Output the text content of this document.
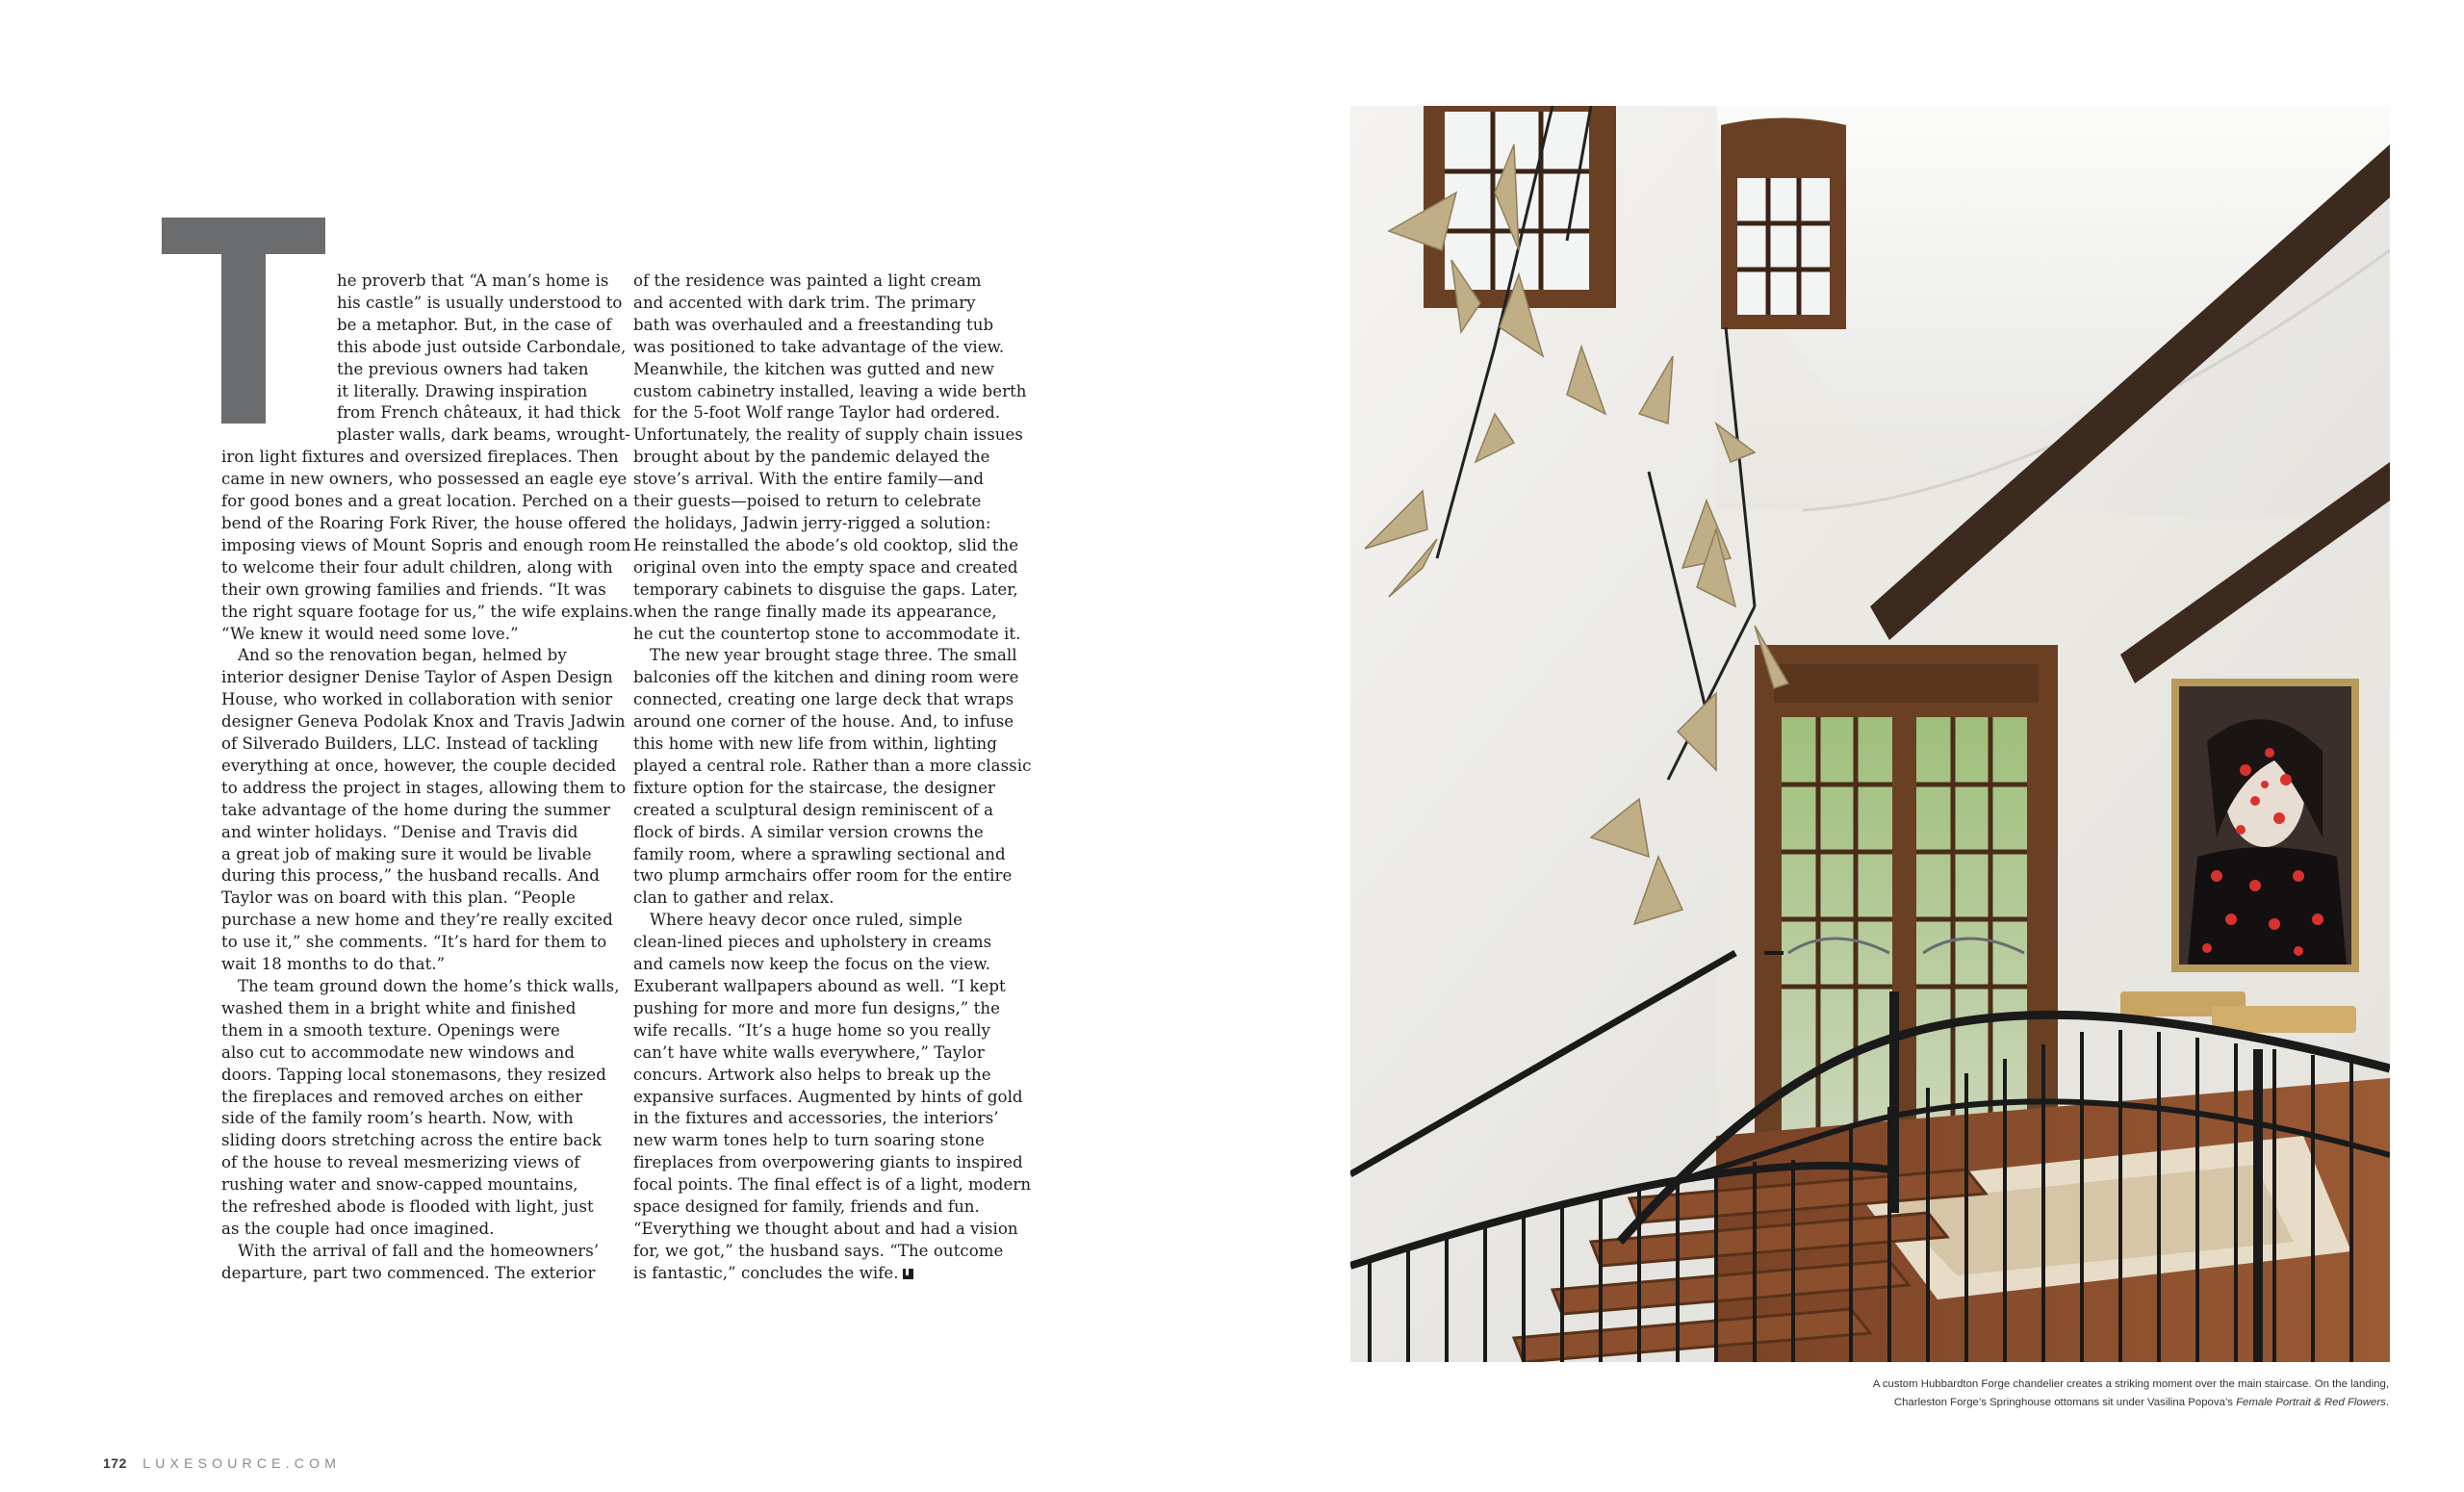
he proverb that “A man’s home is

his castle” is usually understood to

be a metaphor. But, in the case of

this abode just outside Carbondale,

the previous owners had taken

it literally. Drawing inspiration

from French châteaux, it had thick

plaster walls, dark beams, wrought-

iron light fixtures and oversized fireplaces. Then

came in new owners, who possessed an eagle eye

for good bones and a great location. Perched on a

bend of the Roaring Fork River, the house offered

imposing views of Mount Sopris and enough room

to welcome their four adult children, along with

their own growing families and friends. “It was

the right square footage for us,” the wife explains.

“We knew it would need some love.”

And so the renovation began, helmed by

interior designer Denise Taylor of Aspen Design

House, who worked in collaboration with senior

designer Geneva Podolak Knox and Travis Jadwin

of Silverado Builders, LLC. Instead of tackling

everything at once, however, the couple decided

to address the project in stages, allowing them to

take advantage of the home during the summer

and winter holidays. “Denise and Travis did

a great job of making sure it would be livable

during this process,” the husband recalls. And

Taylor was on board with this plan. “People

purchase a new home and they’re really excited

to use it,” she comments. “It’s hard for them to

wait 18 months to do that.”

The team ground down the home’s thick walls,

washed them in a bright white and finished

them in a smooth texture. Openings were

also cut to accommodate new windows and

doors. Tapping local stonemasons, they resized

the fireplaces and removed arches on either

side of the family room’s hearth. Now, with

sliding doors stretching across the entire back

of the house to reveal mesmerizing views of

rushing water and snow-capped mountains,

the refreshed abode is flooded with light, just

as the couple had once imagined.

With the arrival of fall and the homeowners’

departure, part two commenced. The exterior

of the residence was painted a light cream

and accented with dark trim. The primary

bath was overhauled and a freestanding tub

was positioned to take advantage of the view.

Meanwhile, the kitchen was gutted and new

custom cabinetry installed, leaving a wide berth

for the 5-foot Wolf range Taylor had ordered.

Unfortunately, the reality of supply chain issues

brought about by the pandemic delayed the

stove’s arrival. With the entire family—and

their guests—poised to return to celebrate

the holidays, Jadwin jerry-rigged a solution:

He reinstalled the abode’s old cooktop, slid the

original oven into the empty space and created

temporary cabinets to disguise the gaps. Later,

when the range finally made its appearance,

he cut the countertop stone to accommodate it.

The new year brought stage three. The small

balconies off the kitchen and dining room were

connected, creating one large deck that wraps

around one corner of the house. And, to infuse

this home with new life from within, lighting

played a central role. Rather than a more classic

fixture option for the staircase, the designer

created a sculptural design reminiscent of a

flock of birds. A similar version crowns the

family room, where a sprawling sectional and

two plump armchairs offer room for the entire

clan to gather and relax.

Where heavy decor once ruled, simple

clean-lined pieces and upholstery in creams

and camels now keep the focus on the view.

Exuberant wallpapers abound as well. “I kept

pushing for more and more fun designs,” the

wife recalls. “It’s a huge home so you really

can’t have white walls everywhere,” Taylor

concurs. Artwork also helps to break up the

expansive surfaces. Augmented by hints of gold

in the fixtures and accessories, the interiors’

new warm tones help to turn soaring stone

fireplaces from overpowering giants to inspired

focal points. The final effect is of a light, modern

space designed for family, friends and fun.

“Everything we thought about and had a vision

for, we got,” the husband says. “The outcome

is fantastic,” concludes the wife.

A custom Hubbardton Forge chandelier creates a striking moment over the main staircase. On the landing,

Charleston Forge’s Springhouse ottomans sit under Vasilina Popova’s Female Portrait & Red Flowers.

172 LUXESOURCE.COM
